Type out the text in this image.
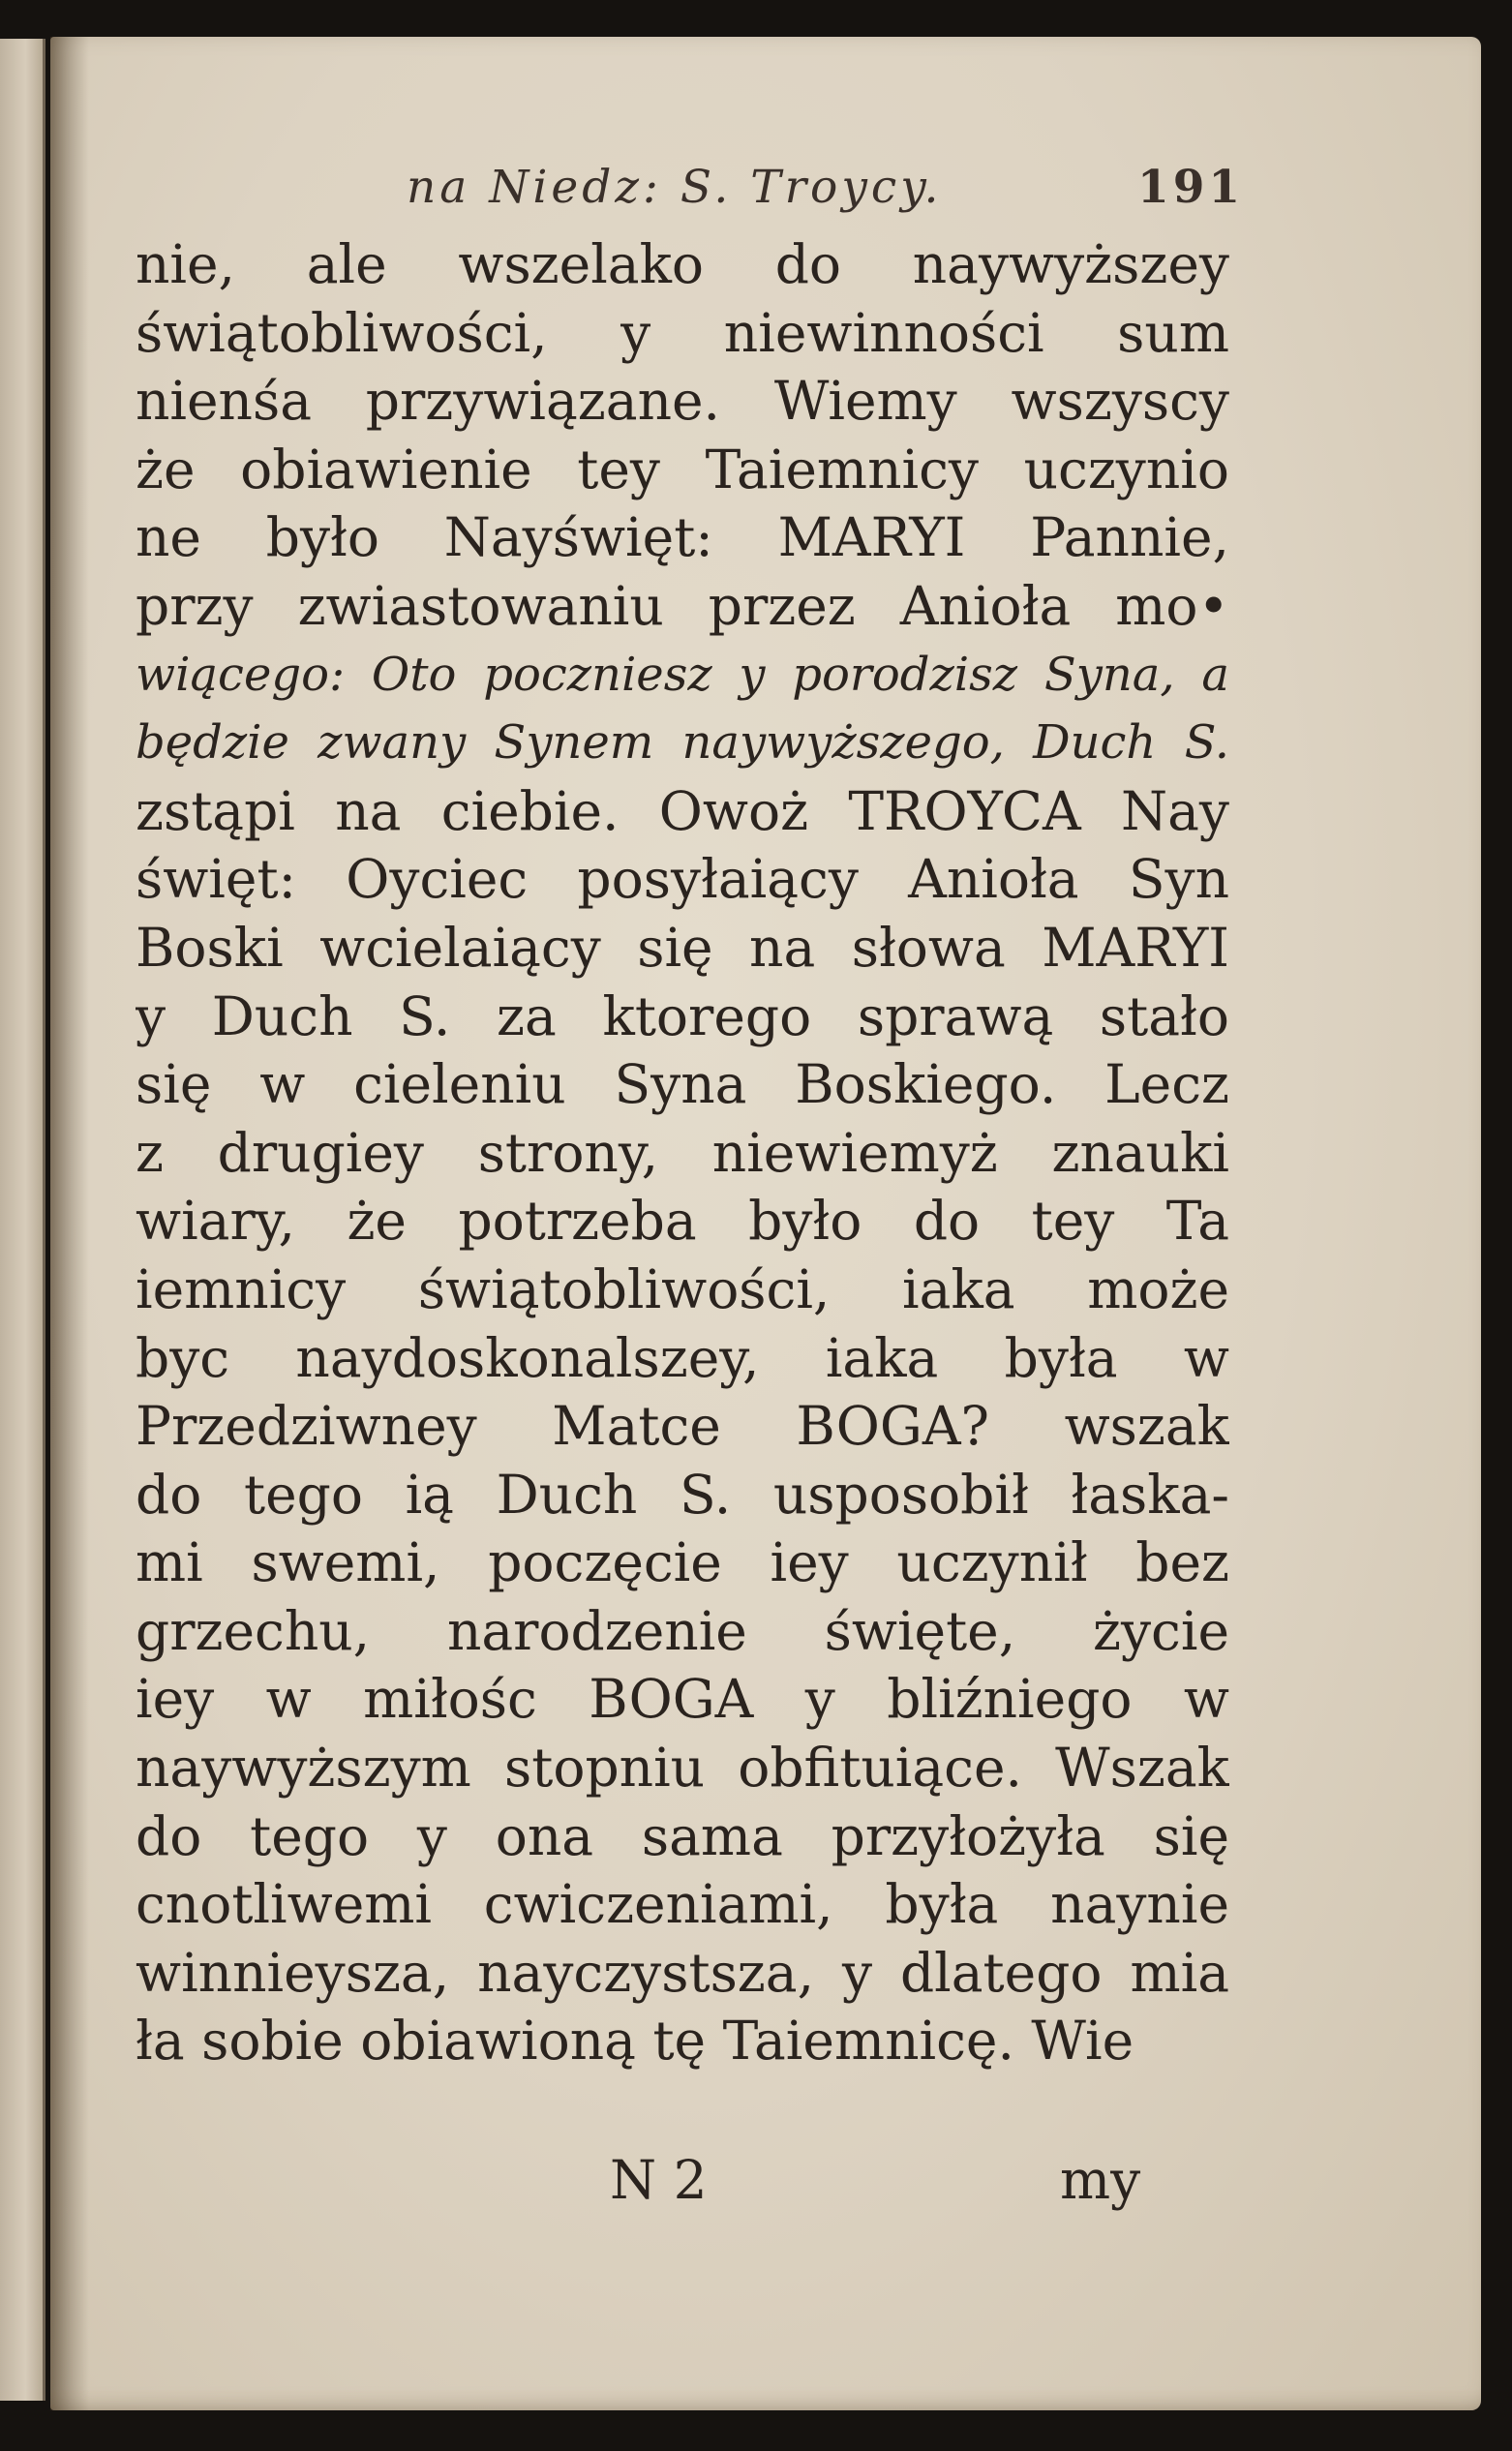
na Niedz: S. Troycy.	191
nie, ale wszelako do naywyższey
świątobliwości, y niewinności sum
nienśa przywiązane. Wiemy wszyscy
że obiawienie tey Taiemnicy uczynio
ne było Nayświęt: MARYI Pannie,
przy zwiastowaniu przez Anioła mo•
wiącego: Oto poczniesz y porodzisz Syna, a
będzie zwany Synem naywyższego, Duch S.
zstąpi na ciebie. Owoż TROYCA Nay
święt: Oyciec posyłaiący Anioła Syn
Boski wcielaiący się na słowa MARYI
y Duch S. za ktorego sprawą stało
się w cieleniu Syna Boskiego. Lecz
z drugiey strony, niewiemyż znauki
wiary, że potrzeba było do tey Ta
iemnicy świątobliwości, iaka może
byc naydoskonalszey, iaka była w
Przedziwney Matce BOGA? wszak
do tego ią Duch S. usposobił łaska-
mi swemi, poczęcie iey uczynił bez
grzechu, narodzenie święte, życie
iey w miłośc BOGA y bliźniego w
naywyższym stopniu obfituiące. Wszak
do tego y ona sama przyłożyła się
cnotliwemi cwiczeniami, była nayniе
winnieysza, nayczystsza, y dlatego mia
ła sobie obiawioną tę Taiemnicę. Wie
N 2	my
